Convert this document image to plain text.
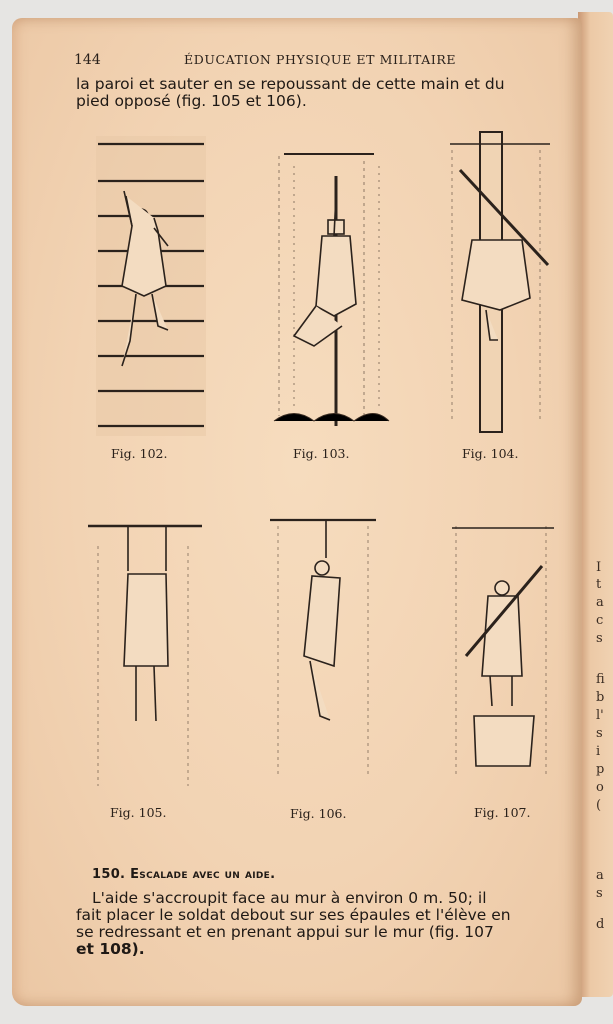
I
t
a
c
s
fi
b
l'
s
i
p
o
(
a
s
d
144	ÉDUCATION PHYSIQUE ET MILITAIRE

la paroi et sauter en se repoussant de cette main et du
pied opposé (fig. 105 et 106).

Fig. 102.	Fig. 103.	Fig. 104.
Fig. 105.	Fig. 106.	Fig. 107.
150. Escalade avec un aide.

L'aide s'accroupit face au mur à environ 0 m. 50; il
fait placer le soldat debout sur ses épaules et l'élève en
se redressant et en prenant appui sur le mur (fig. 107
et 108).
